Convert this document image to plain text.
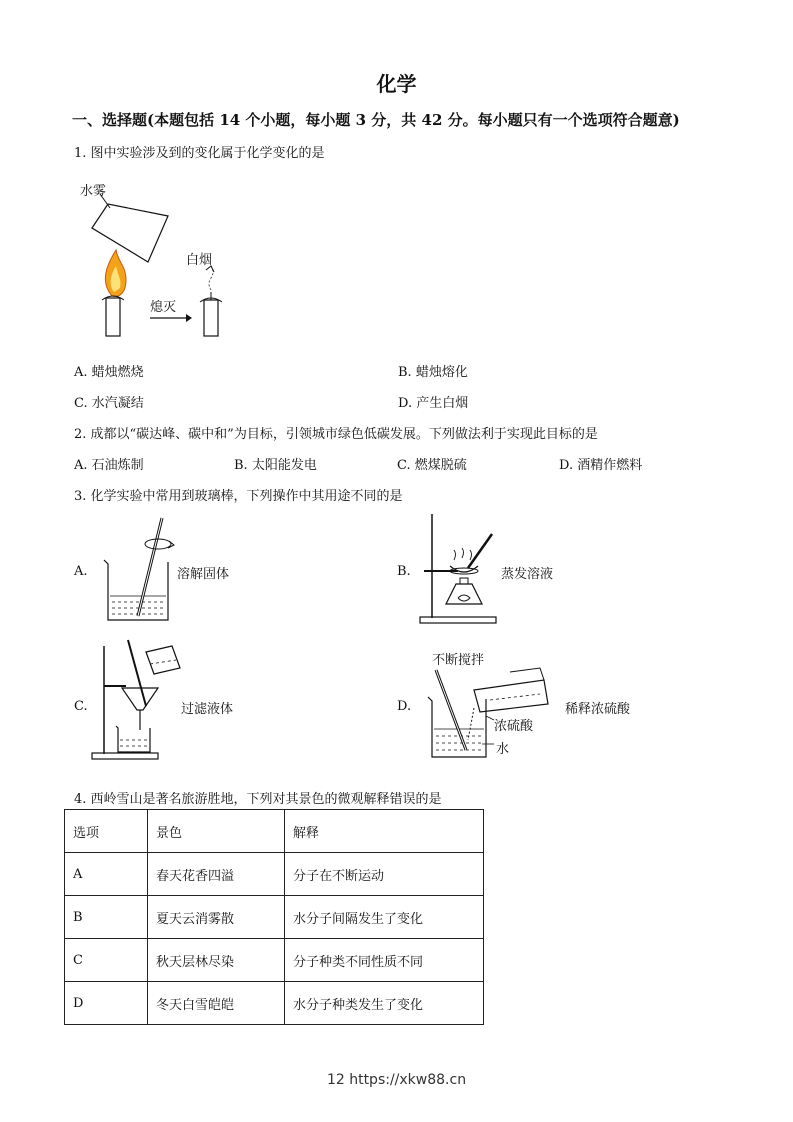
化学
一、选择题(本题包括 14 个小题，每小题 3 分，共 42 分。每小题只有一个选项符合题意)
1. 图中实验涉及到的变化属于化学变化的是
水雾
白烟
熄灭
A. 蜡烛燃烧	B. 蜡烛熔化
C. 水汽凝结	D. 产生白烟
2. 成都以“碳达峰、碳中和”为目标，引领城市绿色低碳发展。下列做法利于实现此目标的是
A. 石油炼制	B. 太阳能发电	C. 燃煤脱硫	D. 酒精作燃料
3. 化学实验中常用到玻璃棒，下列操作中其用途不同的是
A.	溶解固体	B.	蒸发溶液
C.	过滤液体	D.	稀释浓硫酸
不断搅拌
浓硫酸
水
4. 西岭雪山是著名旅游胜地，下列对其景色的微观解释错误的是
选项	景色	解释
A	春天花香四溢	分子在不断运动
B	夏天云消雾散	水分子间隔发生了变化
C	秋天层林尽染	分子种类不同性质不同
D	冬天白雪皑皑	水分子种类发生了变化
12 https://xkw88.cn
